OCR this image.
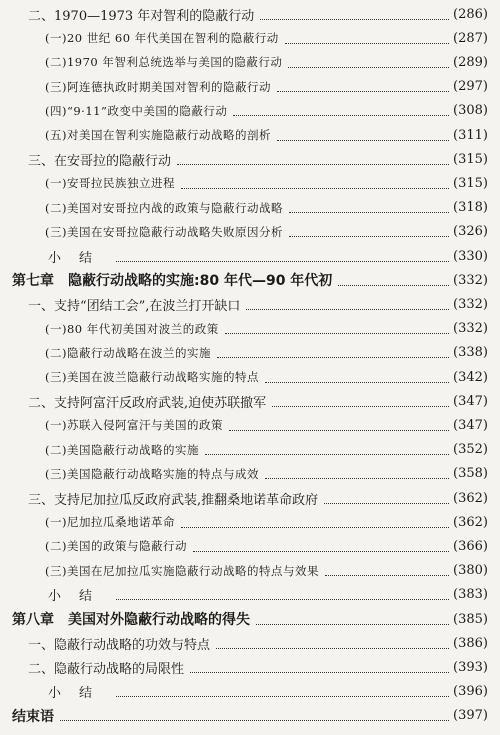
二、1970—1973 年对智利的隐蔽行动	(286)
(一)20 世纪 60 年代美国在智利的隐蔽行动	(287)
(二)1970 年智利总统选举与美国的隐蔽行动	(289)
(三)阿连德执政时期美国对智利的隐蔽行动	(297)
(四)“9·11”政变中美国的隐蔽行动	(308)
(五)对美国在智利实施隐蔽行动战略的剖析	(311)
三、在安哥拉的隐蔽行动	(315)
(一)安哥拉民族独立进程	(315)
(二)美国对安哥拉内战的政策与隐蔽行动战略	(318)
(三)美国在安哥拉隐蔽行动战略失败原因分析	(326)
小结	(330)
第七章 隐蔽行动战略的实施:80 年代—90 年代初	(332)
一、支持“团结工会”,在波兰打开缺口	(332)
(一)80 年代初美国对波兰的政策	(332)
(二)隐蔽行动战略在波兰的实施	(338)
(三)美国在波兰隐蔽行动战略实施的特点	(342)
二、支持阿富汗反政府武装,迫使苏联撤军	(347)
(一)苏联入侵阿富汗与美国的政策	(347)
(二)美国隐蔽行动战略的实施	(352)
(三)美国隐蔽行动战略实施的特点与成效	(358)
三、支持尼加拉瓜反政府武装,推翻桑地诺革命政府	(362)
(一)尼加拉瓜桑地诺革命	(362)
(二)美国的政策与隐蔽行动	(366)
(三)美国在尼加拉瓜实施隐蔽行动战略的特点与效果	(380)
小结	(383)
第八章 美国对外隐蔽行动战略的得失	(385)
一、隐蔽行动战略的功效与特点	(386)
二、隐蔽行动战略的局限性	(393)
小结	(396)
结束语	(397)
